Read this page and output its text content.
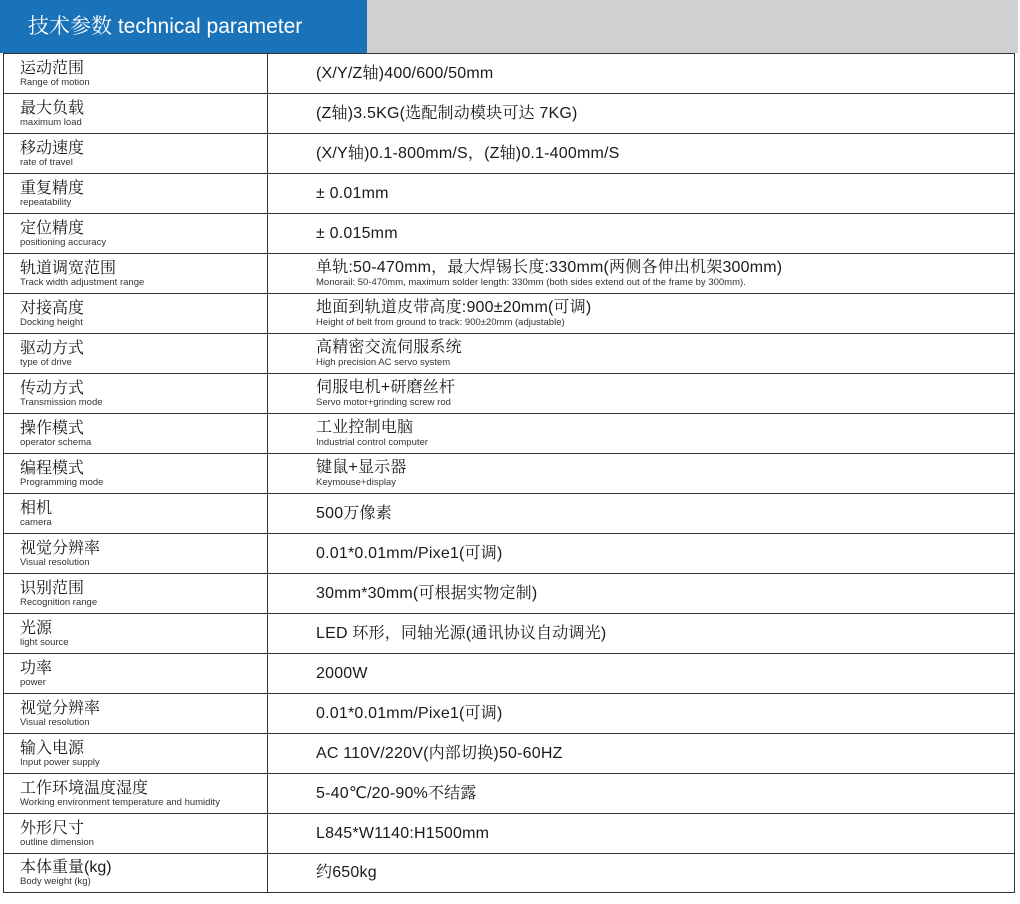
技术参数 technical parameter
运动范围
Range of motion	(X/Y/Z轴)400/600/50mm

最大负载
maximum load	(Z轴)3.5KG(选配制动模块可达 7KG)

移动速度
rate of travel	(X/Y轴)0.1-800mm/S，(Z轴)0.1-400mm/S

重复精度
repeatability	± 0.01mm

定位精度
positioning accuracy	± 0.015mm

轨道调宽范围
Track width adjustment range	单轨:50-470mm，最大焊锡长度:330mm(两侧各伸出机架300mm)
Monorail: 50-470mm, maximum solder length: 330mm (both sides extend out of the frame by 300mm).

对接高度
Docking height	地面到轨道皮带高度:900±20mm(可调)
Height of belt from ground to track: 900±20mm (adjustable)

驱动方式
type of drive	高精密交流伺服系统
High precision AC servo system

传动方式
Transmission mode	伺服电机+研磨丝杆
Servo motor+grinding screw rod

操作模式
operator schema	工业控制电脑
Industrial control computer

编程模式
Programming mode	键鼠+显示器
Keymouse+display

相机
camera	500万像素

视觉分辨率
Visual resolution	0.01*0.01mm/Pixe1(可调)

识别范围
Recognition range	30mm*30mm(可根据实物定制)

光源
light source	LED 环形，同轴光源(通讯协议自动调光)

功率
power	2000W

视觉分辨率
Visual resolution	0.01*0.01mm/Pixe1(可调)

输入电源
Input power supply	AC 110V/220V(内部切换)50-60HZ

工作环境温度湿度
Working environment temperature and humidity	5-40℃/20-90%不结露

外形尺寸
outline dimension	L845*W1140:H1500mm

本体重量(kg)
Body weight (kg)	约650kg
